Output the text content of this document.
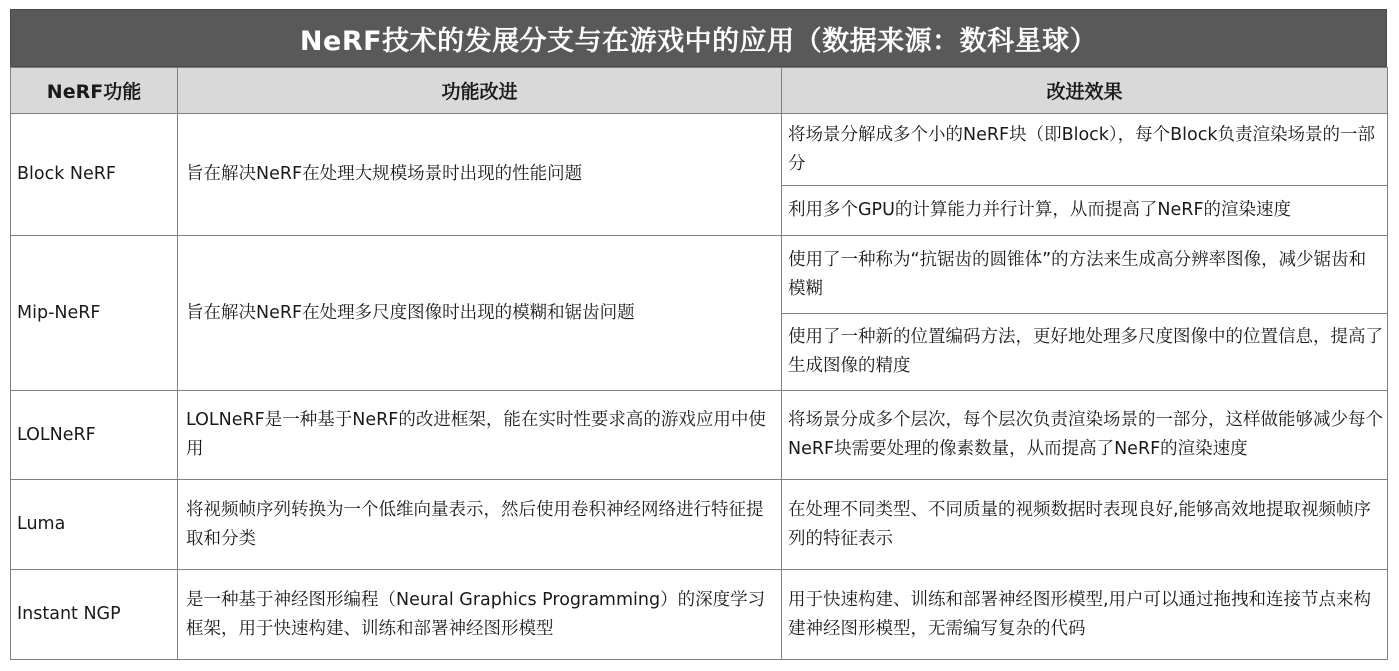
NeRF技术的发展分支与在游戏中的应用（数据来源：数科星球）
NeRF功能	功能改进	改进效果
Block NeRF	旨在解决NeRF在处理大规模场景时出现的性能问题	将场景分解成多个小的NeRF块（即Block），每个Block负责渲染场景的一部分
		利用多个GPU的计算能力并行计算，从而提高了NeRF的渲染速度
Mip-NeRF	旨在解决NeRF在处理多尺度图像时出现的模糊和锯齿问题	使用了一种称为“抗锯齿的圆锥体”的方法来生成高分辨率图像，减少锯齿和模糊
		使用了一种新的位置编码方法，更好地处理多尺度图像中的位置信息，提高了生成图像的精度
LOLNeRF	LOLNeRF是一种基于NeRF的改进框架，能在实时性要求高的游戏应用中使用	将场景分成多个层次，每个层次负责渲染场景的一部分，这样做能够减少每个NeRF块需要处理的像素数量，从而提高了NeRF的渲染速度
Luma	将视频帧序列转换为一个低维向量表示，然后使用卷积神经网络进行特征提取和分类	在处理不同类型、不同质量的视频数据时表现良好,能够高效地提取视频帧序列的特征表示
Instant NGP	是一种基于神经图形编程（Neural Graphics Programming）的深度学习框架，用于快速构建、训练和部署神经图形模型	用于快速构建、训练和部署神经图形模型,用户可以通过拖拽和连接节点来构建神经图形模型，无需编写复杂的代码
